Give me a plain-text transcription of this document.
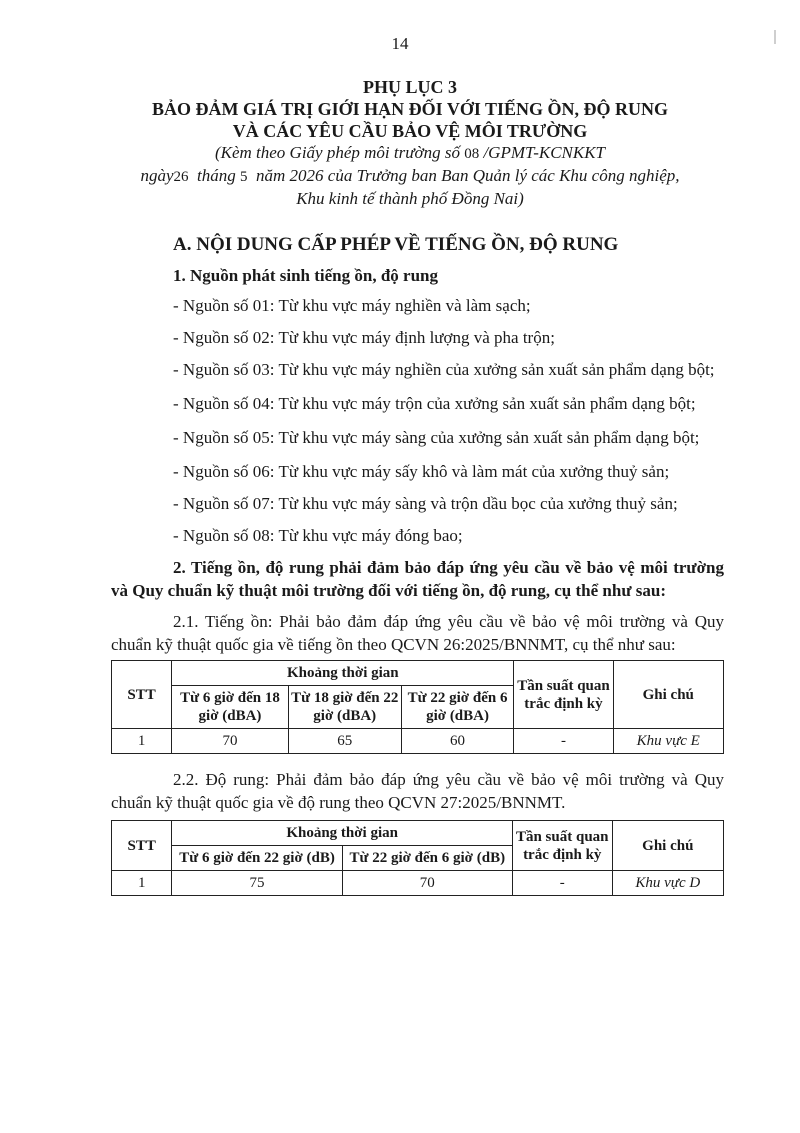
14
PHỤ LỤC 3
BẢO ĐẢM GIÁ TRỊ GIỚI HẠN ĐỐI VỚI TIẾNG ỒN, ĐỘ RUNG
VÀ CÁC YÊU CẦU BẢO VỆ MÔI TRƯỜNG
(Kèm theo Giấy phép môi trường số 08 /GPMT-KCNKKT
ngày26 tháng 5 năm 2026 của Trưởng ban Ban Quản lý các Khu công nghiệp,
Khu kinh tế thành phố Đồng Nai)
A. NỘI DUNG CẤP PHÉP VỀ TIẾNG ỒN, ĐỘ RUNG
1. Nguồn phát sinh tiếng ồn, độ rung
- Nguồn số 01: Từ khu vực máy nghiền và làm sạch;
- Nguồn số 02: Từ khu vực máy định lượng và pha trộn;
- Nguồn số 03: Từ khu vực máy nghiền của xưởng sản xuất sản phẩm dạng bột;
- Nguồn số 04: Từ khu vực máy trộn của xưởng sản xuất sản phẩm dạng bột;
- Nguồn số 05: Từ khu vực máy sàng của xưởng sản xuất sản phẩm dạng bột;
- Nguồn số 06: Từ khu vực máy sấy khô và làm mát của xưởng thuỷ sản;
- Nguồn số 07: Từ khu vực máy sàng và trộn dầu bọc của xưởng thuỷ sản;
- Nguồn số 08: Từ khu vực máy đóng bao;
2. Tiếng ồn, độ rung phải đảm bảo đáp ứng yêu cầu về bảo vệ môi trường và Quy chuẩn kỹ thuật môi trường đối với tiếng ồn, độ rung, cụ thể như sau:
2.1. Tiếng ồn: Phải bảo đảm đáp ứng yêu cầu về bảo vệ môi trường và Quy chuẩn kỹ thuật quốc gia về tiếng ồn theo QCVN 26:2025/BNNMT, cụ thể như sau:
STT	Khoảng thời gian			Tần suất quan trắc định kỳ	Ghi chú
	Từ 6 giờ đến 18 giờ (dBA)	Từ 18 giờ đến 22 giờ (dBA)	Từ 22 giờ đến 6 giờ (dBA)		
1	70	65	60	-	Khu vực E
2.2. Độ rung: Phải đảm bảo đáp ứng yêu cầu về bảo vệ môi trường và Quy chuẩn kỹ thuật quốc gia về độ rung theo QCVN 27:2025/BNNMT.
STT	Khoảng thời gian		Tần suất quan trắc định kỳ	Ghi chú
	Từ 6 giờ đến 22 giờ (dB)	Từ 22 giờ đến 6 giờ (dB)		
1	75	70	-	Khu vực D
